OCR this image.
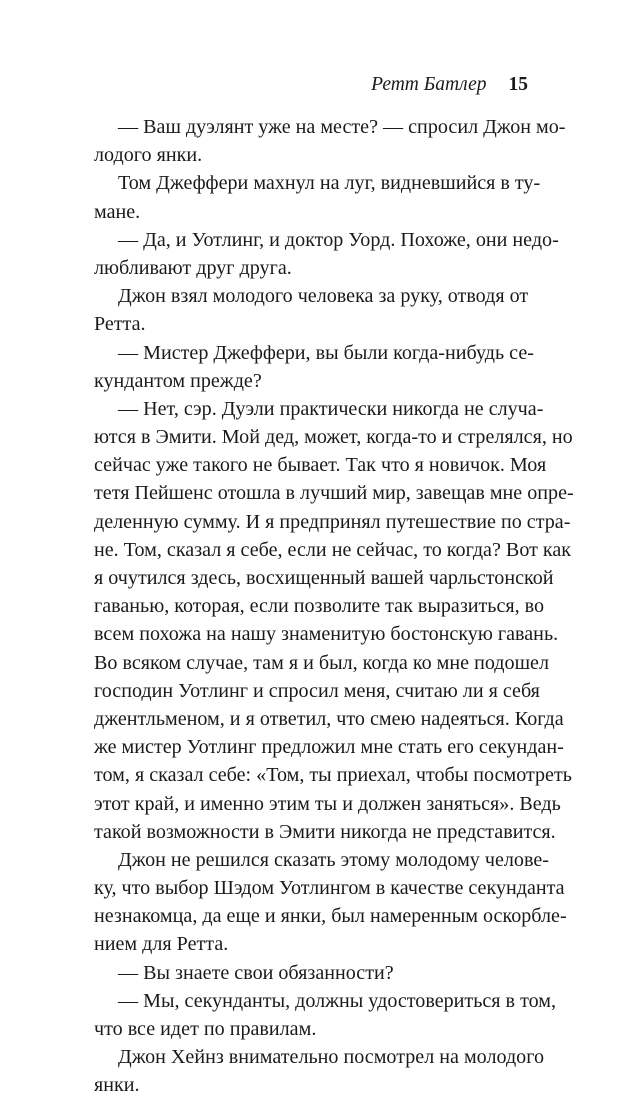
Ретт Батлер 15
— Ваш дуэлянт уже на месте? — спросил Джон мо-
лодого янки.
Том Джеффери махнул на луг, видневшийся в ту-
мане.
— Да, и Уотлинг, и доктор Уорд. Похоже, они недо-
любливают друг друга.
Джон взял молодого человека за руку, отводя от
Ретта.
— Мистер Джеффери, вы были когда-нибудь се-
кундантом прежде?
— Нет, сэр. Дуэли практически никогда не случа-
ются в Эмити. Мой дед, может, когда-то и стрелялся, но
сейчас уже такого не бывает. Так что я новичок. Моя
тетя Пейшенс отошла в лучший мир, завещав мне опре-
деленную сумму. И я предпринял путешествие по стра-
не. Том, сказал я себе, если не сейчас, то когда? Вот как
я очутился здесь, восхищенный вашей чарльстонской
гаванью, которая, если позволите так выразиться, во
всем похожа на нашу знаменитую бостонскую гавань.
Во всяком случае, там я и был, когда ко мне подошел
господин Уотлинг и спросил меня, считаю ли я себя
джентльменом, и я ответил, что смею надеяться. Когда
же мистер Уотлинг предложил мне стать его секундан-
том, я сказал себе: «Том, ты приехал, чтобы посмотреть
этот край, и именно этим ты и должен заняться». Ведь
такой возможности в Эмити никогда не представится.
Джон не решился сказать этому молодому челове-
ку, что выбор Шэдом Уотлингом в качестве секунданта
незнакомца, да еще и янки, был намеренным оскорбле-
нием для Ретта.
— Вы знаете свои обязанности?
— Мы, секунданты, должны удостовериться в том,
что все идет по правилам.
Джон Хейнз внимательно посмотрел на молодого
янки.
